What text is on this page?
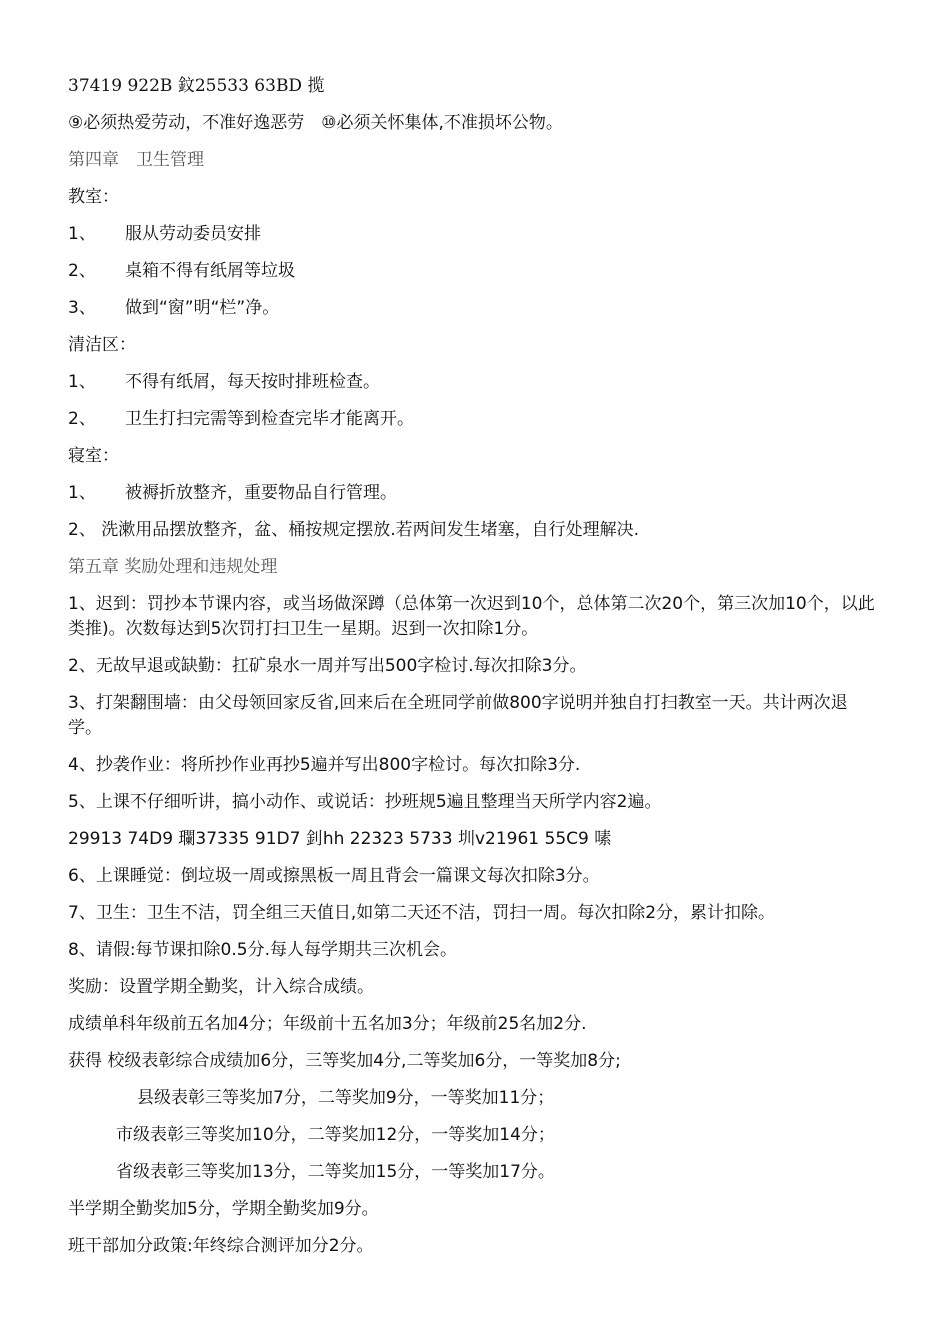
37419 922B 鈫25533 63BD 揽
⑨必须热爱劳动，不准好逸恶劳　⑩必须关怀集体,不准损坏公物。
第四章　卫生管理
教室：
1、 服从劳动委员安排
2、 桌箱不得有纸屑等垃圾
3、 做到“窗”明“栏”净。
清洁区：
1、 不得有纸屑，每天按时排班检查。
2、 卫生打扫完需等到检查完毕才能离开。
寝室：
1、 被褥折放整齐，重要物品自行管理。
2、 洗漱用品摆放整齐，盆、桶按规定摆放.若两间发生堵塞，自行处理解决.
第五章 奖励处理和违规处理
1、迟到：罚抄本节课内容，或当场做深蹲（总体第一次迟到10个，总体第二次20个，第三次加10个，以此类推)。次数每达到5次罚打扫卫生一星期。迟到一次扣除1分。
2、无故早退或缺勤：扛矿泉水一周并写出500字检讨.每次扣除3分。
3、打架翻围墙：由父母领回家反省,回来后在全班同学前做800字说明并独自打扫教室一天。共计两次退学。
4、抄袭作业：将所抄作业再抄5遍并写出800字检讨。每次扣除3分.
5、上课不仔细听讲，搞小动作、或说话：抄班规5遍且整理当天所学内容2遍。
29913 74D9 瓓37335 91D7 釗hh 22323 5733 圳v21961 55C9 嗉
6、上课睡觉：倒垃圾一周或擦黑板一周且背会一篇课文每次扣除3分。
7、卫生：卫生不洁，罚全组三天值日,如第二天还不洁，罚扫一周。每次扣除2分，累计扣除。
8、请假:每节课扣除0.5分.每人每学期共三次机会。
奖励：设置学期全勤奖，计入综合成绩。
成绩单科年级前五名加4分；年级前十五名加3分；年级前25名加2分.
获得 校级表彰综合成绩加6分，三等奖加4分,二等奖加6分，一等奖加8分;
县级表彰三等奖加7分，二等奖加9分，一等奖加11分；
市级表彰三等奖加10分，二等奖加12分，一等奖加14分；
省级表彰三等奖加13分，二等奖加15分，一等奖加17分。
半学期全勤奖加5分，学期全勤奖加9分。
班干部加分政策:年终综合测评加分2分。
